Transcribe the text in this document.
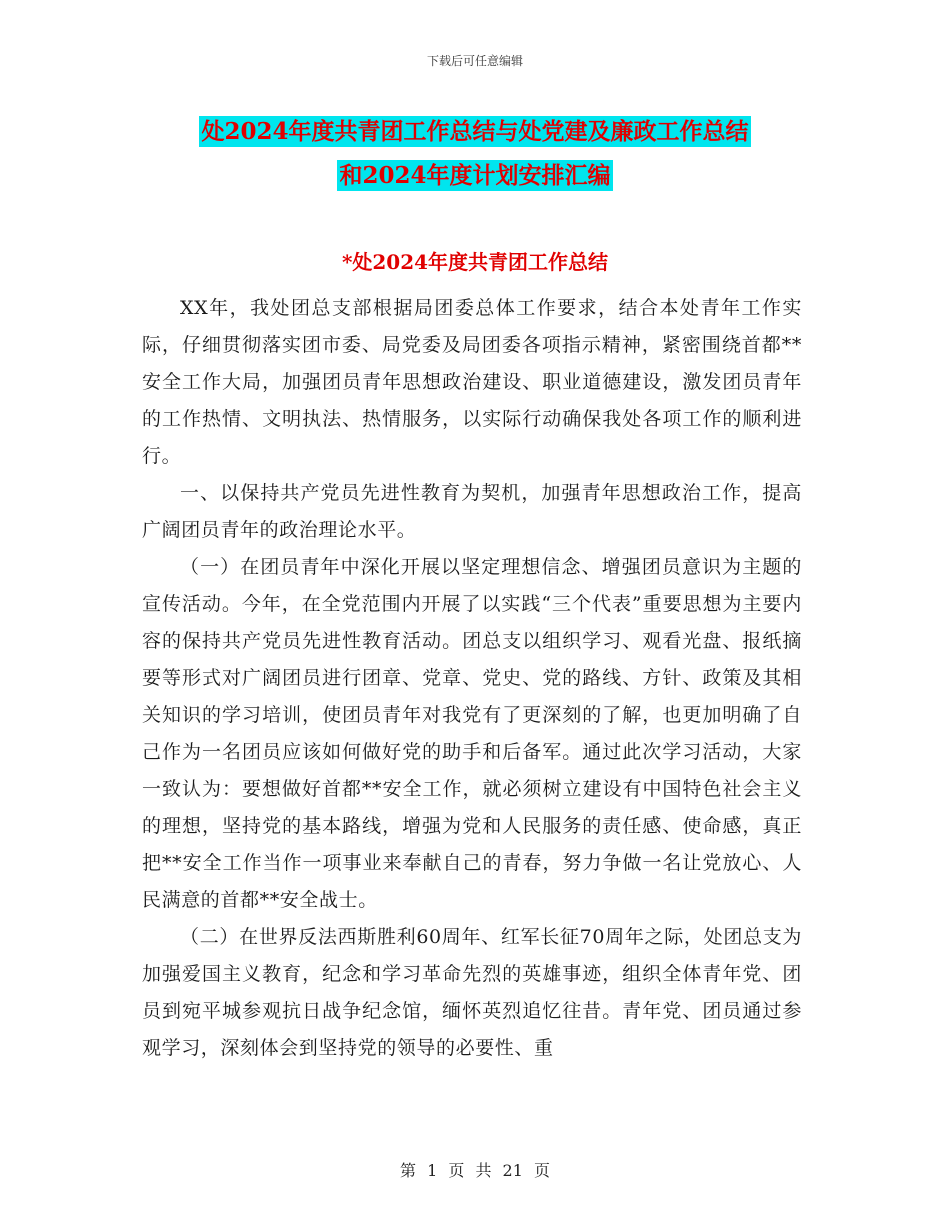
下载后可任意编辑
处2024年度共青团工作总结与处党建及廉政工作总结
和2024年度计划安排汇编
*处2024年度共青团工作总结

XX年，我处团总支部根据局团委总体工作要求，结合本处青年工作实际，仔细贯彻落实团市委、局党委及局团委各项指示精神，紧密围绕首都**安全工作大局，加强团员青年思想政治建设、职业道德建设，激发团员青年的工作热情、文明执法、热情服务，以实际行动确保我处各项工作的顺利进行。

一、以保持共产党员先进性教育为契机，加强青年思想政治工作，提高广阔团员青年的政治理论水平。

（一）在团员青年中深化开展以坚定理想信念、增强团员意识为主题的宣传活动。今年，在全党范围内开展了以实践“三个代表”重要思想为主要内容的保持共产党员先进性教育活动。团总支以组织学习、观看光盘、报纸摘要等形式对广阔团员进行团章、党章、党史、党的路线、方针、政策及其相关知识的学习培训，使团员青年对我党有了更深刻的了解，也更加明确了自己作为一名团员应该如何做好党的助手和后备军。通过此次学习活动，大家一致认为：要想做好首都**安全工作，就必须树立建设有中国特色社会主义的理想，坚持党的基本路线，增强为党和人民服务的责任感、使命感，真正把**安全工作当作一项事业来奉献自己的青春，努力争做一名让党放心、人民满意的首都**安全战士。

（二）在世界反法西斯胜利60周年、红军长征70周年之际，处团总支为加强爱国主义教育，纪念和学习革命先烈的英雄事迹，组织全体青年党、团员到宛平城参观抗日战争纪念馆，缅怀英烈追忆往昔。青年党、团员通过参观学习，深刻体会到坚持党的领导的必要性、重

第 1 页 共 21 页
